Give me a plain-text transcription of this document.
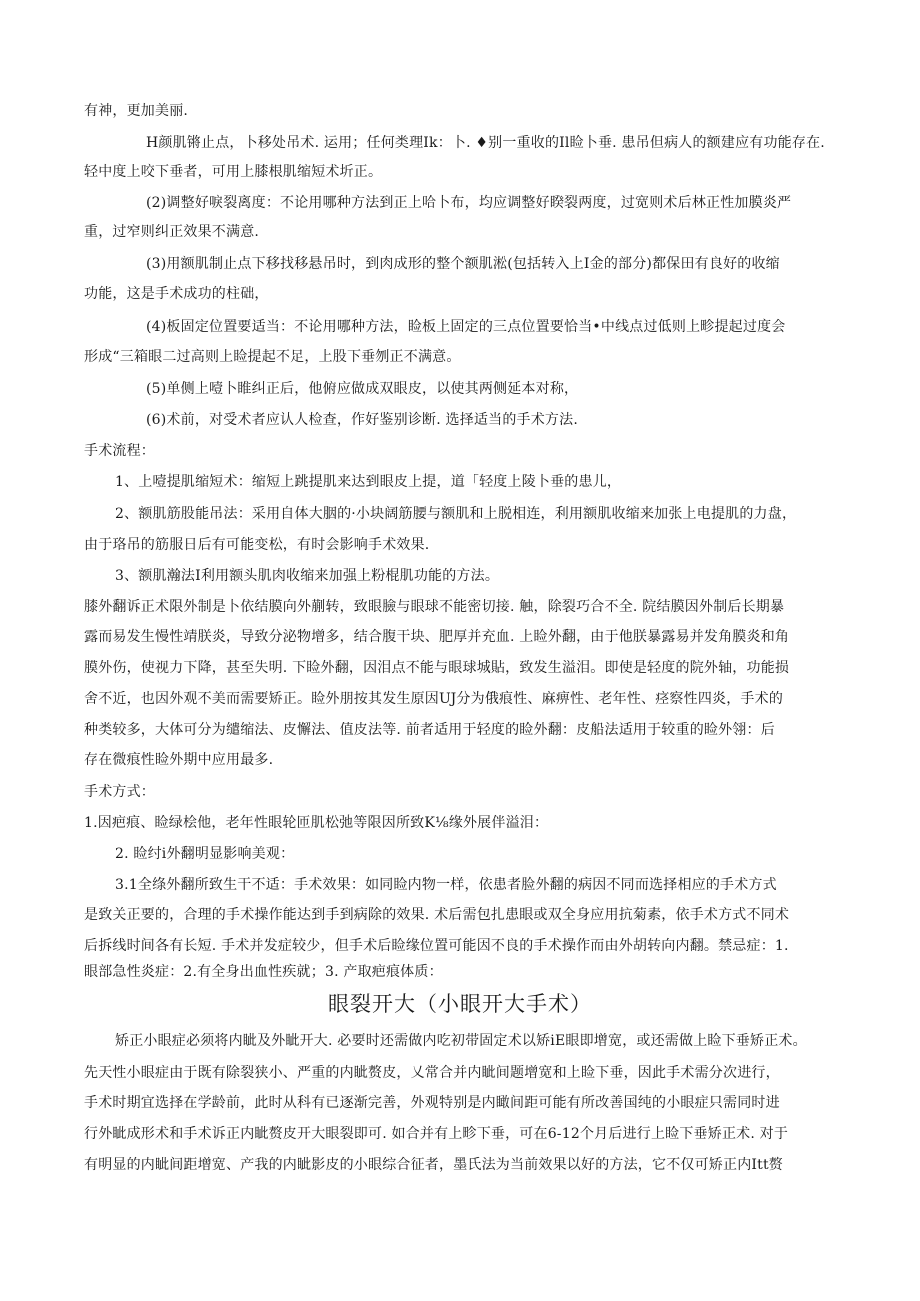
有神，更加美丽.
H颜肌锵止点，卜移处吊术. 运用；任何类理Ik：卜. ♦别一重收的Il睑卜垂. 患吊但病人的额建应有功能存在.
轻中度上咬下垂者，可用上膝根肌缩短术圻正。
(2)调整好唳裂离度：不论用哪种方法到正上哈卜布，均应调整好睽裂两度，过宽则术后林正性加膜炎严
重，过窄则纠正效果不满意.
(3)用额肌制止点下移找移悬吊时，到肉成形的整个额肌淞(包括转入上I金的部分)都保田有良好的收缩
功能，这是手术成功的柱础，
(4)板固定位置要适当：不论用哪种方法，睑板上固定的三点位置要恰当•中线点过低则上畛提起过度会
形成“三箱眼二过高则上睑提起不足，上股下垂刎正不满意。
(5)单侧上噎卜睢纠正后，他俯应做成双眼皮，以使其两侧延本对称，
(6)术前，对受术者应认人检查，作好鉴别诊断. 选择适当的手术方法.
手术流程：
1、上噎提肌缩短术：缩短上跳提肌来达到眼皮上提，道「轻度上陵卜垂的患儿，
2、额肌筋股能吊法：采用自体大胭的·小块阔筋腰与额肌和上脱相连，利用额肌收缩来加张上电提肌的力盘，
由于珞吊的筋服日后有可能变松，有时会影响手术效果.
3、额肌瀚法I利用额头肌肉收缩来加强上粉棍肌功能的方法。
膝外翻诉正术限外制是卜依结膜向外蒯转，致眼臉与眼球不能密切接. 触，除裂巧合不全. 院结膜因外制后长期暴
露而易发生慢性靖朕炎，导致分泌物增多，结合腹干块、肥厚并充血. 上睑外翻，由于他朕暴露易并发角膜炎和角
膜外伤，使视力下降，甚至失明. 下睑外翻，因泪点不能与眼球城貼，致发生溢泪。即使是轻度的院外轴，功能损
舍不近，也因外观不美而需要矫正。睑外朋按其发生原因UJ分为俄痕性、麻痹性、老年性、痉察性四炎，手术的
种类较多，大体可分为缱缩法、皮懈法、值皮法等. 前者适用于轻度的睑外翻：皮船法适用于较重的睑外翎：后
存在微痕性睑外期中应用最多.
手术方式：
1.因疤痕、睑绿桧他，老年性眼轮匝肌松弛等限因所致K⅛缘外展伴溢泪：
2. 睑纣i外翻明显影响美观：
3.1全绦外翻所致生干不适：手术效果：如同睑内物一样，依患者脸外翻的病因不同而选择相应的手术方式
是致关正要的，合理的手术操作能达到手到病除的效果. 术后需包扎患眼或双全身应用抗菊素，依手术方式不同术
后拆线时间各有长短. 手术并发症较少，但手术后睑缘位置可能因不良的手术操作而由外胡转向内翻。禁忌症：1.
眼部急性炎症：2.有全身出血性疾就；3. 产取疤痕体质：
眼裂开大（小眼开大手术）
矫正小眼症必须将内眦及外眦开大. 必要时还需做内吃初带固定术以矫iE眼即增宽，或还需做上睑下垂矫正术。
先天性小眼症由于既有除裂狭小、严重的内眦赘皮，乂常合并内眦间题增宽和上睑下垂，因此手术需分次进行，
手术时期宜选择在学龄前，此时从科有已逐渐完善，外观特别是内瞰间距可能有所改善国纯的小眼症只需同时进
行外眦成形术和手术诉正内眦赘皮开大眼裂即可. 如合并有上畛下垂，可在6-12个月后进行上睑下垂矫正术. 对于
有明显的内眦间距增宽、产我的内眦影皮的小眼综合征者，墨氏法为当前效果以好的方法，它不仅可矫正内Itt赘
